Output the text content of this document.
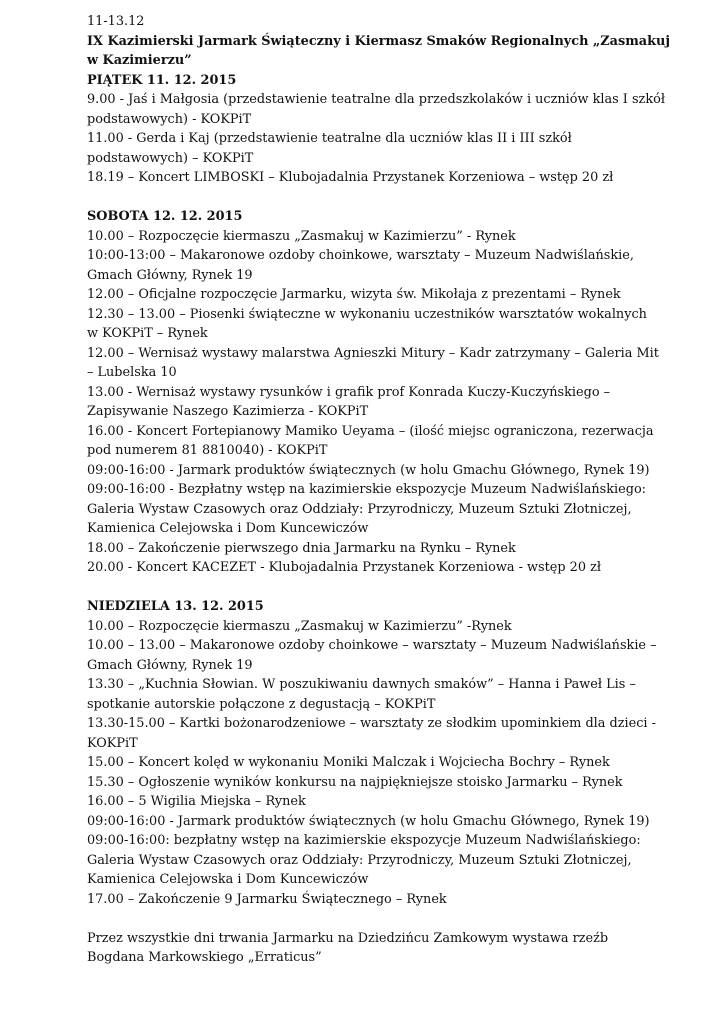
11-13.12
IX Kazimierski Jarmark Świąteczny i Kiermasz Smaków Regionalnych „Zasmakuj
w Kazimierzu”
PIĄTEK 11. 12. 2015
9.00 - Jaś i Małgosia (przedstawienie teatralne dla przedszkolaków i uczniów klas I szkół
podstawowych) - KOKPiT
11.00 - Gerda i Kaj (przedstawienie teatralne dla uczniów klas II i III szkół
podstawowych) – KOKPiT
18.19 – Koncert LIMBOSKI – Klubojadalnia Przystanek Korzeniowa – wstęp 20 zł
SOBOTA 12. 12. 2015
10.00 – Rozpoczęcie kiermaszu „Zasmakuj w Kazimierzu” - Rynek
10:00-13:00 – Makaronowe ozdoby choinkowe, warsztaty – Muzeum Nadwiślańskie,
Gmach Główny, Rynek 19
12.00 – Oficjalne rozpoczęcie Jarmarku, wizyta św. Mikołaja z prezentami – Rynek
12.30 – 13.00 – Piosenki świąteczne w wykonaniu uczestników warsztatów wokalnych
w KOKPiT – Rynek
12.00 – Wernisaż wystawy malarstwa Agnieszki Mitury – Kadr zatrzymany – Galeria Mit
– Lubelska 10
13.00 - Wernisaż wystawy rysunków i grafik prof Konrada Kuczy-Kuczyńskiego –
Zapisywanie Naszego Kazimierza - KOKPiT
16.00 - Koncert Fortepianowy Mamiko Ueyama – (ilość miejsc ograniczona, rezerwacja
pod numerem 81 8810040) - KOKPiT
09:00-16:00 - Jarmark produktów świątecznych (w holu Gmachu Głównego, Rynek 19)
09:00-16:00 - Bezpłatny wstęp na kazimierskie ekspozycje Muzeum Nadwiślańskiego:
Galeria Wystaw Czasowych oraz Oddziały: Przyrodniczy, Muzeum Sztuki Złotniczej,
Kamienica Celejowska i Dom Kuncewiczów
18.00 – Zakończenie pierwszego dnia Jarmarku na Rynku – Rynek
20.00 - Koncert KACEZET - Klubojadalnia Przystanek Korzeniowa - wstęp 20 zł
NIEDZIELA 13. 12. 2015
10.00 – Rozpoczęcie kiermaszu „Zasmakuj w Kazimierzu” -Rynek
10.00 – 13.00 – Makaronowe ozdoby choinkowe – warsztaty – Muzeum Nadwiślańskie –
Gmach Główny, Rynek 19
13.30 – „Kuchnia Słowian. W poszukiwaniu dawnych smaków” – Hanna i Paweł Lis –
spotkanie autorskie połączone z degustacją – KOKPiT
13.30-15.00 – Kartki bożonarodzeniowe – warsztaty ze słodkim upominkiem dla dzieci -
KOKPiT
15.00 – Koncert kolęd w wykonaniu Moniki Malczak i Wojciecha Bochry – Rynek
15.30 – Ogłoszenie wyników konkursu na najpiękniejsze stoisko Jarmarku – Rynek
16.00 – 5 Wigilia Miejska – Rynek
09:00-16:00 - Jarmark produktów świątecznych (w holu Gmachu Głównego, Rynek 19)
09:00-16:00: bezpłatny wstęp na kazimierskie ekspozycje Muzeum Nadwiślańskiego:
Galeria Wystaw Czasowych oraz Oddziały: Przyrodniczy, Muzeum Sztuki Złotniczej,
Kamienica Celejowska i Dom Kuncewiczów
17.00 – Zakończenie 9 Jarmarku Świątecznego – Rynek
Przez wszystkie dni trwania Jarmarku na Dziedzińcu Zamkowym wystawa rzeźb
Bogdana Markowskiego „Erraticus”
